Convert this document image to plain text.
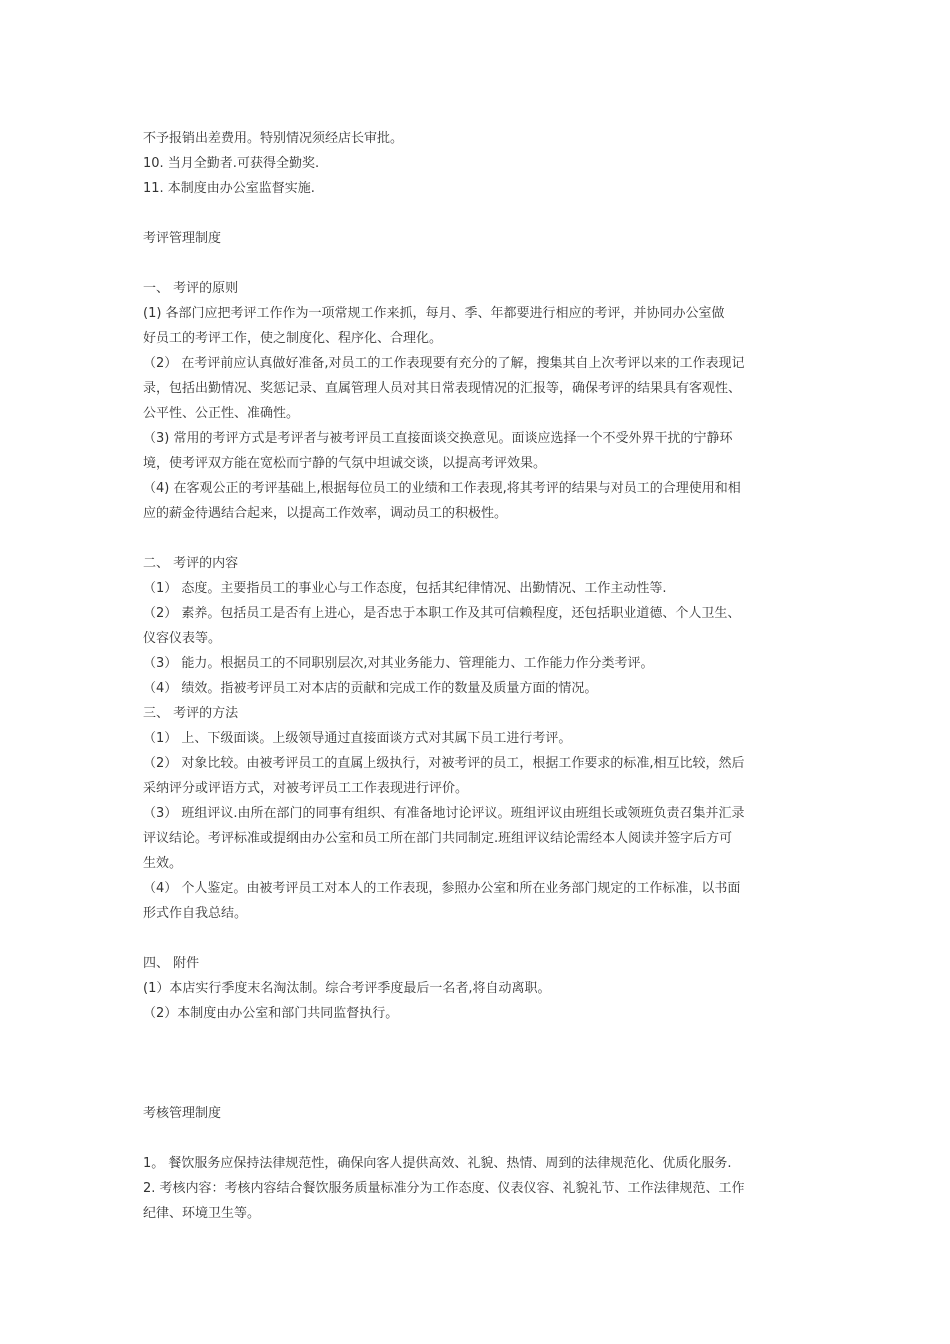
不予报销出差费用。特别情况须经店长审批。
10. 当月全勤者.可获得全勤奖.
11. 本制度由办公室监督实施.
考评管理制度
一、 考评的原则
(1) 各部门应把考评工作作为一项常规工作来抓，每月、季、年都要进行相应的考评，并协同办公室做
好员工的考评工作，使之制度化、程序化、合理化。
（2） 在考评前应认真做好准备,对员工的工作表现要有充分的了解，搜集其自上次考评以来的工作表现记
录，包括出勤情况、奖惩记录、直属管理人员对其日常表现情况的汇报等，确保考评的结果具有客观性、
公平性、公正性、准确性。
（3) 常用的考评方式是考评者与被考评员工直接面谈交换意见。面谈应选择一个不受外界干扰的宁静环
境，使考评双方能在宽松而宁静的气氛中坦诚交谈，以提高考评效果。
（4) 在客观公正的考评基础上,根据每位员工的业绩和工作表现,将其考评的结果与对员工的合理使用和相
应的薪金待遇结合起来，以提高工作效率，调动员工的积极性。
二、 考评的内容
（1） 态度。主要指员工的事业心与工作态度，包括其纪律情况、出勤情况、工作主动性等.
（2） 素养。包括员工是否有上进心，是否忠于本职工作及其可信赖程度，还包括职业道德、个人卫生、
仪容仪表等。
（3） 能力。根据员工的不同职别层次,对其业务能力、管理能力、工作能力作分类考评。
（4） 绩效。指被考评员工对本店的贡献和完成工作的数量及质量方面的情况。
三、 考评的方法
（1） 上、下级面谈。上级领导通过直接面谈方式对其属下员工进行考评。
（2） 对象比较。由被考评员工的直属上级执行，对被考评的员工，根据工作要求的标准,相互比较，然后
采纳评分或评语方式，对被考评员工工作表现进行评价。
（3） 班组评议.由所在部门的同事有组织、有准备地讨论评议。班组评议由班组长或领班负责召集并汇录
评议结论。考评标准或提纲由办公室和员工所在部门共同制定.班组评议结论需经本人阅读并签字后方可
生效。
（4） 个人鉴定。由被考评员工对本人的工作表现，参照办公室和所在业务部门规定的工作标准，以书面
形式作自我总结。
四、 附件
(1）本店实行季度末名淘汰制。综合考评季度最后一名者,将自动离职。
（2）本制度由办公室和部门共同监督执行。
考核管理制度
1。 餐饮服务应保持法律规范性，确保向客人提供高效、礼貌、热情、周到的法律规范化、优质化服务.
2. 考核内容：考核内容结合餐饮服务质量标准分为工作态度、仪表仪容、礼貌礼节、工作法律规范、工作
纪律、环境卫生等。
